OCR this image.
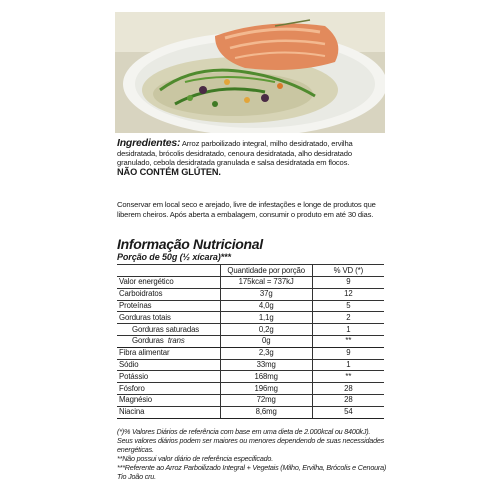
Ingredientes: Arroz parboilizado integral, milho desidratado, ervilha desidratada, brócolis desidratado, cenoura desidratada, alho desidratado granulado, cebola desidratada granulada e salsa desidratada em flocos.
NÃO CONTÉM GLÚTEN.
Conservar em local seco e arejado, livre de infestações e longe de produtos que liberem cheiros. Após aberta a embalagem, consumir o produto em até 30 dias.
Informação Nutricional
Porção de 50g (½ xícara)***
	Quantidade por porção	% VD (*)
Valor energético	175kcal = 737kJ	9
Carboidratos	37g	12
Proteínas	4,0g	5
Gorduras totais	1,1g	2
Gorduras saturadas	0,2g	1
Gorduras trans	0g	**
Fibra alimentar	2,3g	9
Sódio	33mg	1
Potássio	168mg	**
Fósforo	196mg	28
Magnésio	72mg	28
Niacina	8,6mg	54
(*)% Valores Diários de referência com base em uma dieta de 2.000kcal ou 8400kJ). Seus valores diários podem ser maiores ou menores dependendo de suas necessidades energéticas.
**Não possui valor diário de referência especificado.
***Referente ao Arroz Parboilizado Integral + Vegetais (Milho, Ervilha, Brócolis e Cenoura) Tio João cru.
